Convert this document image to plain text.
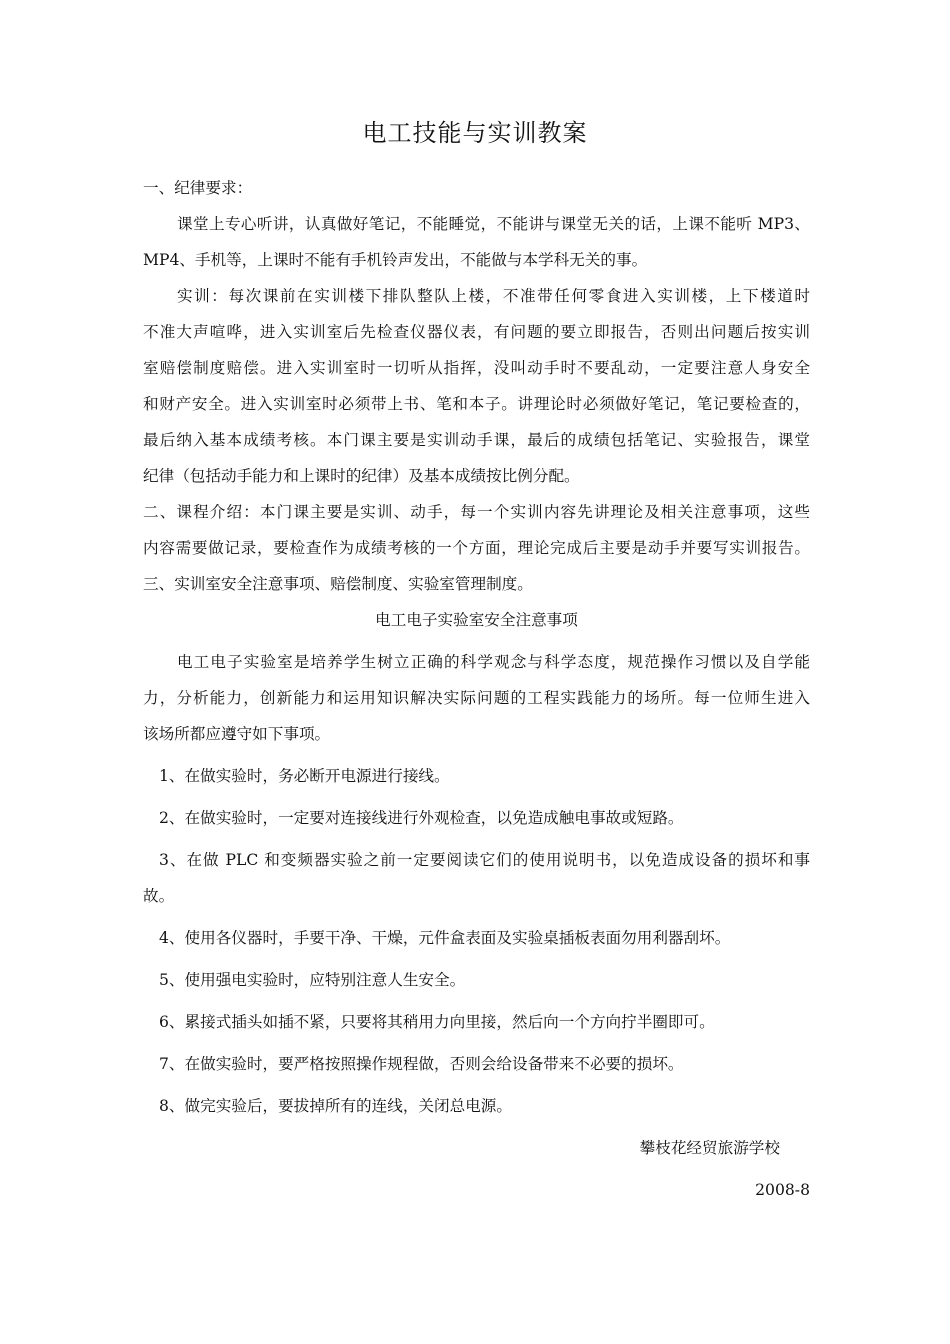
电工技能与实训教案
一、纪律要求：
课堂上专心听讲，认真做好笔记，不能睡觉，不能讲与课堂无关的话，上课不能听 MP3、
MP4、手机等，上课时不能有手机铃声发出，不能做与本学科无关的事。
实训：每次课前在实训楼下排队整队上楼，不准带任何零食进入实训楼，上下楼道时
不准大声喧哗，进入实训室后先检查仪器仪表，有问题的要立即报告，否则出问题后按实训
室赔偿制度赔偿。进入实训室时一切听从指挥，没叫动手时不要乱动，一定要注意人身安全
和财产安全。进入实训室时必须带上书、笔和本子。讲理论时必须做好笔记，笔记要检查的，
最后纳入基本成绩考核。本门课主要是实训动手课，最后的成绩包括笔记、实验报告，课堂
纪律（包括动手能力和上课时的纪律）及基本成绩按比例分配。
二、课程介绍：本门课主要是实训、动手，每一个实训内容先讲理论及相关注意事项，这些
内容需要做记录，要检查作为成绩考核的一个方面，理论完成后主要是动手并要写实训报告。
三、实训室安全注意事项、赔偿制度、实验室管理制度。
电工电子实验室安全注意事项
电工电子实验室是培养学生树立正确的科学观念与科学态度，规范操作习惯以及自学能
力，分析能力，创新能力和运用知识解决实际问题的工程实践能力的场所。每一位师生进入
该场所都应遵守如下事项。
1、在做实验时，务必断开电源进行接线。
2、在做实验时，一定要对连接线进行外观检查，以免造成触电事故或短路。
3、在做 PLC 和变频器实验之前一定要阅读它们的使用说明书，以免造成设备的损坏和事
故。
4、使用各仪器时，手要干净、干燥，元件盒表面及实验桌插板表面勿用利器刮坏。
5、使用强电实验时，应特别注意人生安全。
6、累接式插头如插不紧，只要将其稍用力向里接，然后向一个方向拧半圈即可。
7、在做实验时，要严格按照操作规程做，否则会给设备带来不必要的损坏。
8、做完实验后，要拔掉所有的连线，关闭总电源。
攀枝花经贸旅游学校
2008-8
